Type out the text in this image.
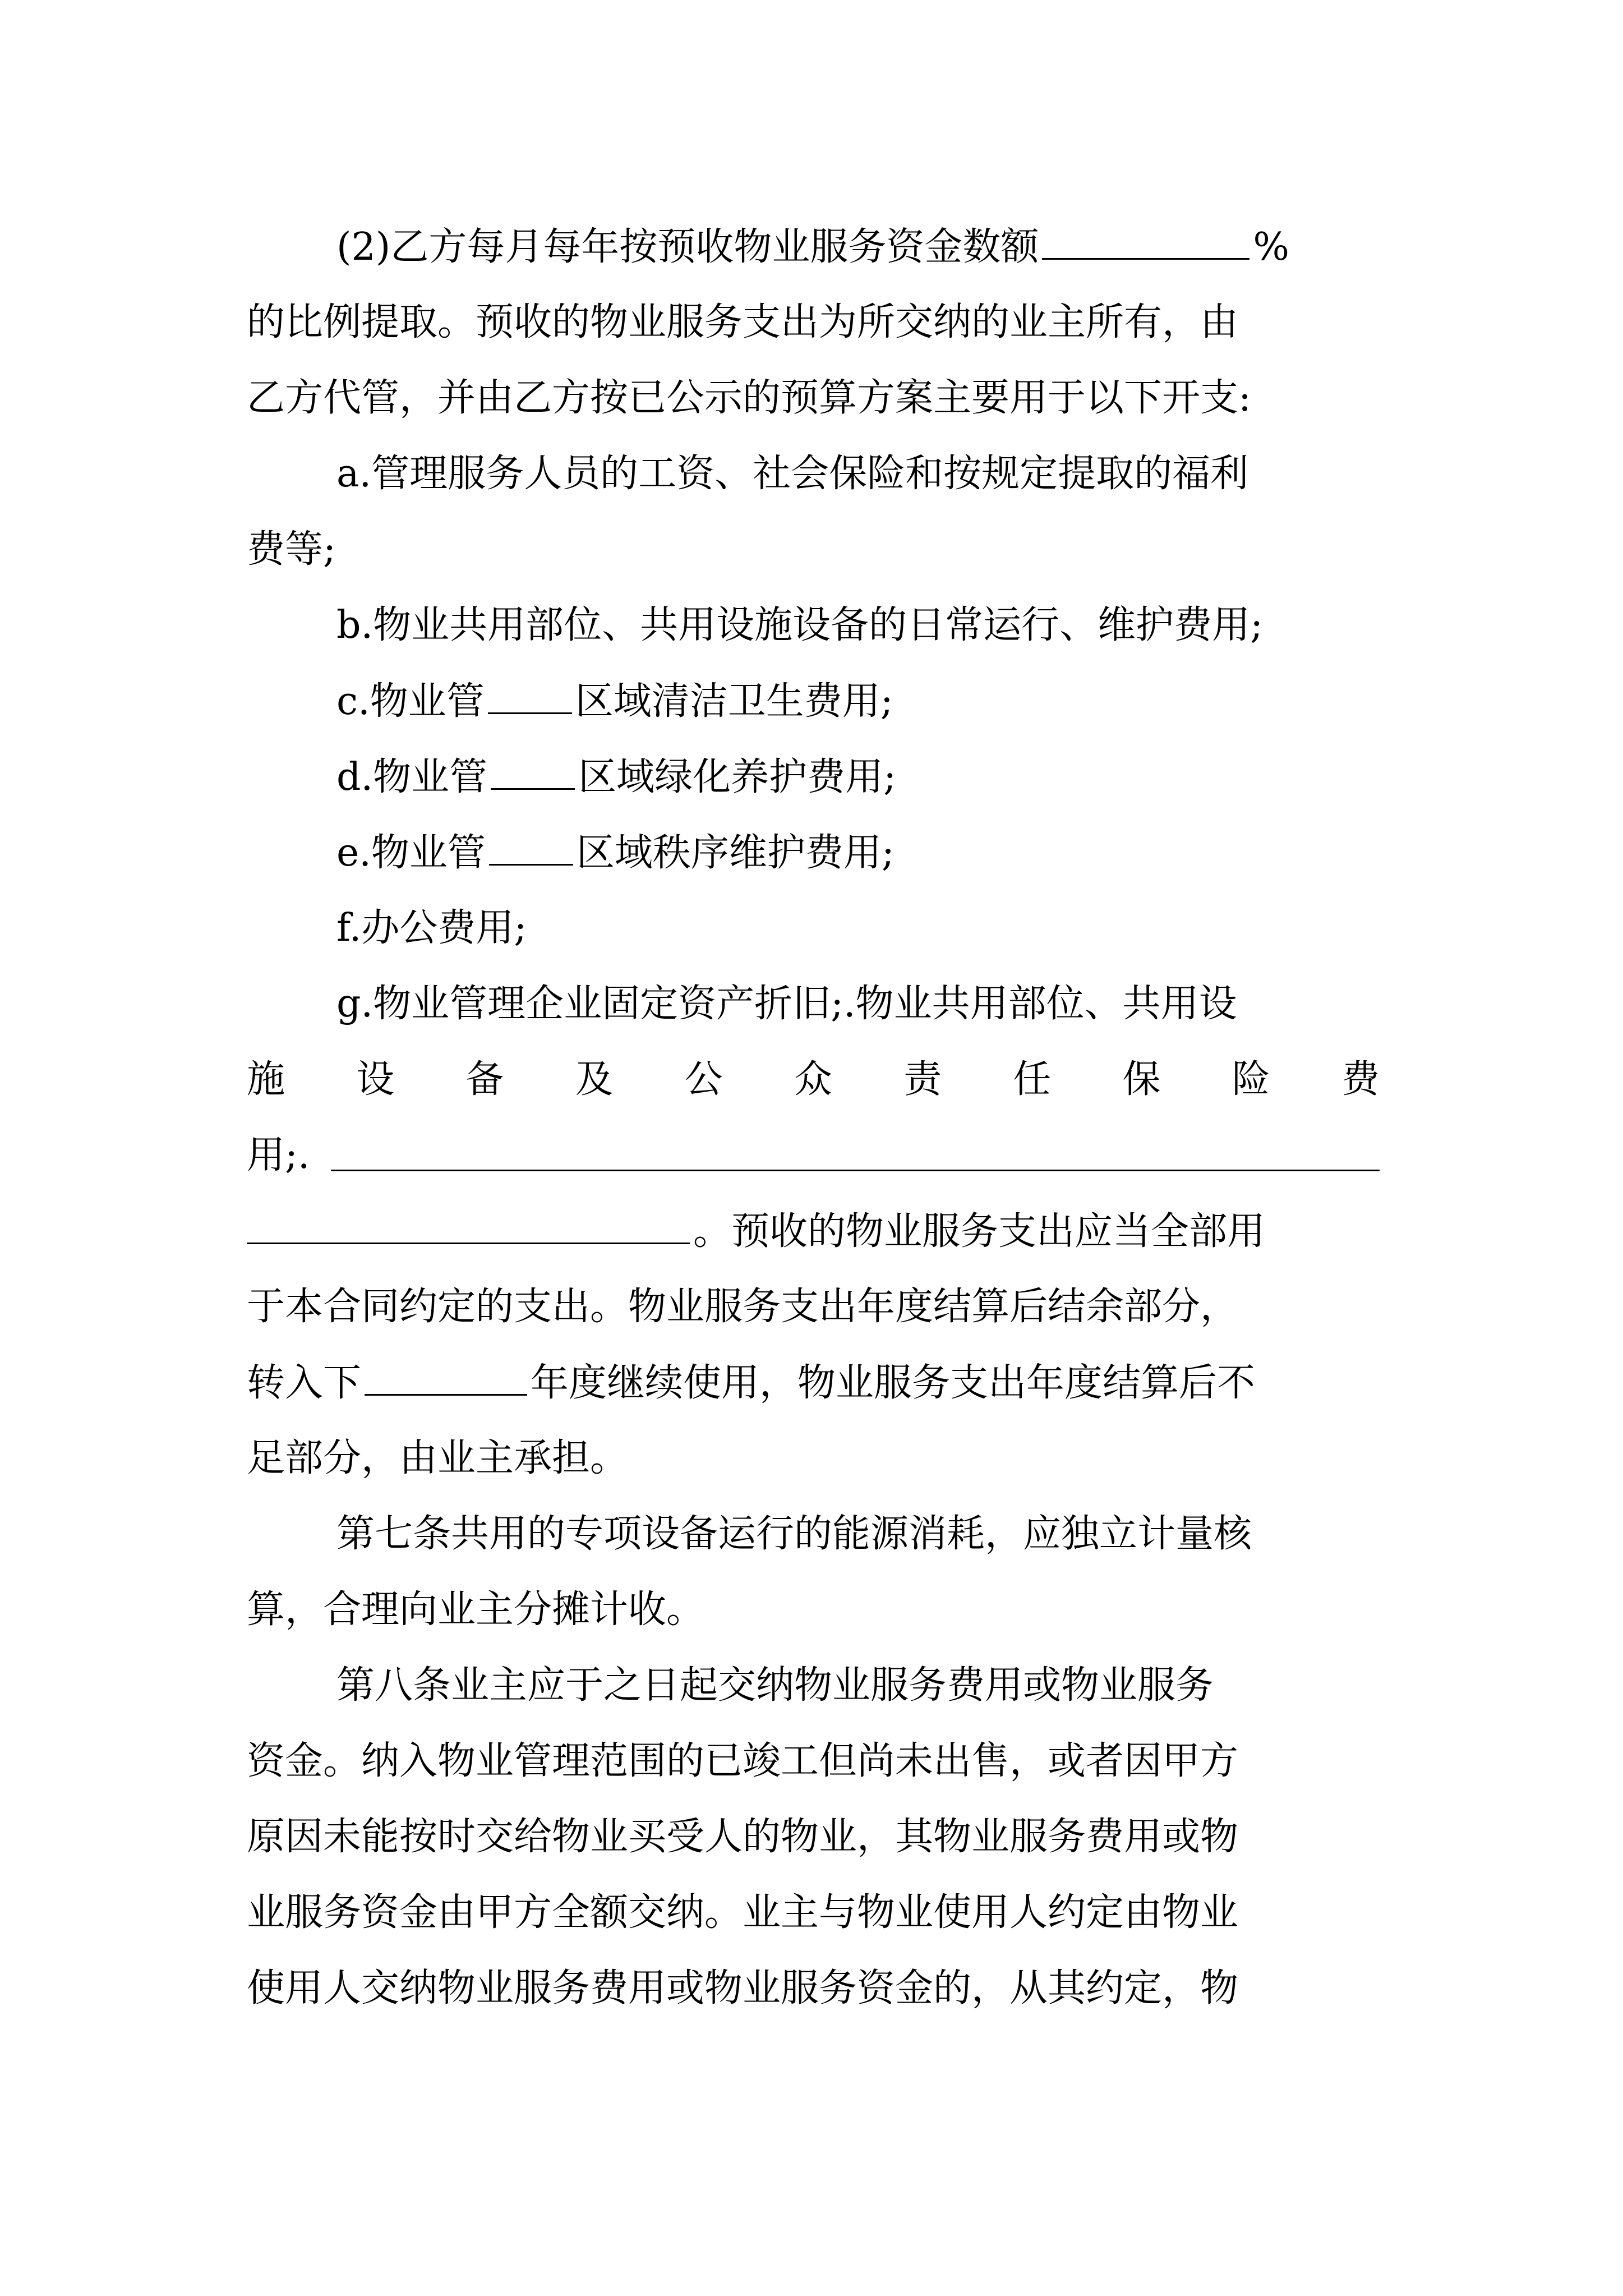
(2)乙方每月每年按预收物业服务资金数额	%
的比例提取。预收的物业服务支出为所交纳的业主所有，由
乙方代管，并由乙方按已公示的预算方案主要用于以下开支:
a.管理服务人员的工资、社会保险和按规定提取的福利
费等;
b.物业共用部位、共用设施设备的日常运行、维护费用;
c.物业管 区域清洁卫生费用;
d.物业管 区域绿化养护费用;
e.物业管 区域秩序维护费用;
f.办公费用;
g.物业管理企业固定资产折旧;.物业共用部位、共用设
施 设 备 及 公 众 责 任 保 险 费
用;.
。预收的物业服务支出应当全部用
于本合同约定的支出。物业服务支出年度结算后结余部分，
转入下	年度继续使用，物业服务支出年度结算后不
足部分，由业主承担。
第七条共用的专项设备运行的能源消耗，应独立计量核
算，合理向业主分摊计收。
第八条业主应于之日起交纳物业服务费用或物业服务
资金。纳入物业管理范围的已竣工但尚未出售，或者因甲方
原因未能按时交给物业买受人的物业，其物业服务费用或物
业服务资金由甲方全额交纳。业主与物业使用人约定由物业
使用人交纳物业服务费用或物业服务资金的，从其约定，物
